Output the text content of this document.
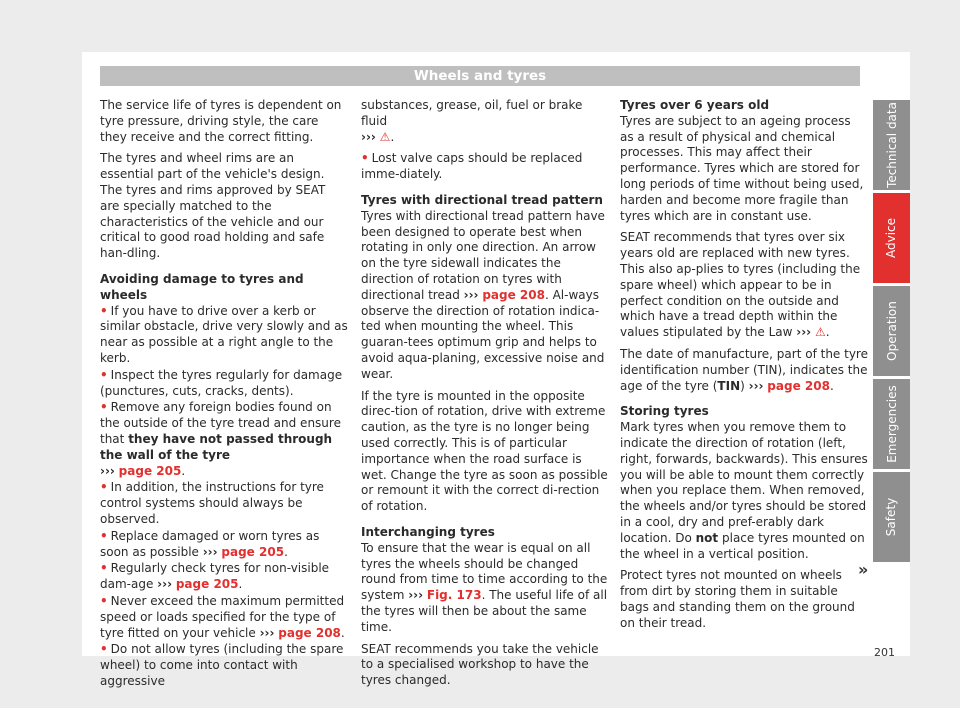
Wheels and tyres

The service life of tyres is dependent on tyre pressure, driving style, the care they receive and the correct fitting.

The tyres and wheel rims are an essential part of the vehicle's design. The tyres and rims approved by SEAT are specially matched to the characteristics of the vehicle and our critical to good road holding and safe han-dling.

Avoiding damage to tyres and wheels

• If you have to drive over a kerb or similar obstacle, drive very slowly and as near as possible at a right angle to the kerb.
• Inspect the tyres regularly for damage (punctures, cuts, cracks, dents).
• Remove any foreign bodies found on the outside of the tyre tread and ensure that they have not passed through the wall of the tyre
››› page 205.
• In addition, the instructions for tyre control systems should always be observed.
• Replace damaged or worn tyres as soon as possible ››› page 205.
• Regularly check tyres for non-visible dam-age ››› page 205.
• Never exceed the maximum permitted speed or loads specified for the type of tyre fitted on your vehicle ››› page 208.
• Do not allow tyres (including the spare wheel) to come into contact with aggressive

substances, grease, oil, fuel or brake fluid
››› ⚠.

• Lost valve caps should be replaced imme-diately.

Tyres with directional tread pattern

Tyres with directional tread pattern have been designed to operate best when rotating in only one direction. An arrow on the tyre sidewall indicates the direction of rotation on tyres with directional tread ››› page 208. Al-ways observe the direction of rotation indica-ted when mounting the wheel. This guaran-tees optimum grip and helps to avoid aqua-planing, excessive noise and wear.

If the tyre is mounted in the opposite direc-tion of rotation, drive with extreme caution, as the tyre is no longer being used correctly. This is of particular importance when the road surface is wet. Change the tyre as soon as possible or remount it with the correct di-rection of rotation.

Interchanging tyres

To ensure that the wear is equal on all tyres the wheels should be changed round from time to time according to the system ››› Fig. 173. The useful life of all the tyres will then be about the same time.

SEAT recommends you take the vehicle to a specialised workshop to have the tyres changed.

Tyres over 6 years old

Tyres are subject to an ageing process as a result of physical and chemical processes. This may affect their performance. Tyres which are stored for long periods of time without being used, harden and become more fragile than tyres which are in constant use.

SEAT recommends that tyres over six years old are replaced with new tyres. This also ap-plies to tyres (including the spare wheel) which appear to be in perfect condition on the outside and which have a tread depth within the values stipulated by the Law ››› ⚠.

The date of manufacture, part of the tyre identification number (TIN), indicates the age of the tyre (TIN) ››› page 208.

Storing tyres

Mark tyres when you remove them to indicate the direction of rotation (left, right, forwards, backwards). This ensures you will be able to mount them correctly when you replace them. When removed, the wheels and/or tyres should be stored in a cool, dry and pref-erably dark location. Do not place tyres mounted on the wheel in a vertical position.

Protect tyres not mounted on wheels from dirt by storing them in suitable bags and standing them on the ground on their tread.

»
Technical data
Advice
Operation
Emergencies
Safety
201
